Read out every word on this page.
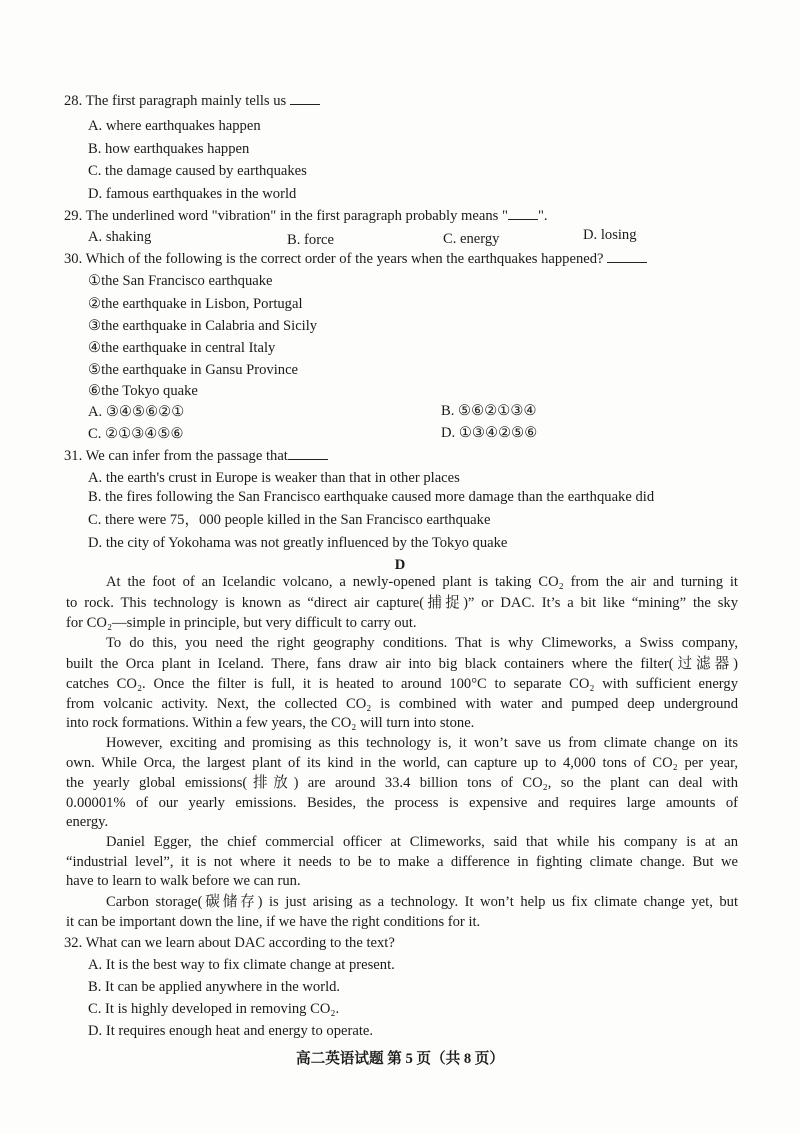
28. The first paragraph mainly tells us
A. where earthquakes happen
B. how earthquakes happen
C. the damage caused by earthquakes
D. famous earthquakes in the world
29. The underlined word "vibration" in the first paragraph probably means " ".
A. shaking	B. force	C. energy	D. losing
30. Which of the following is the correct order of the years when the earthquakes happened?
①the San Francisco earthquake
②the earthquake in Lisbon, Portugal
③the earthquake in Calabria and Sicily
④the earthquake in central Italy
⑤the earthquake in Gansu Province
⑥the Tokyo quake
A. ③④⑤⑥②①	B. ⑤⑥②①③④
C. ②①③④⑤⑥	D. ①③④②⑤⑥
31. We can infer from the passage that
A. the earth's crust in Europe is weaker than that in other places
B. the fires following the San Francisco earthquake caused more damage than the earthquake did
C. there were 75，000 people killed in the San Francisco earthquake
D. the city of Yokohama was not greatly influenced by the Tokyo quake
D
At the foot of an Icelandic volcano, a newly-opened plant is taking CO₂ from the air and turning it
to rock. This technology is known as “direct air capture(捕捉)” or DAC. It’s a bit like “mining” the sky
for CO₂—simple in principle, but very difficult to carry out.
To do this, you need the right geography conditions. That is why Climeworks, a Swiss company,
built the Orca plant in Iceland. There, fans draw air into big black containers where the filter(过滤器)
catches CO₂. Once the filter is full, it is heated to around 100°C to separate CO₂ with sufficient energy
from volcanic activity. Next, the collected CO₂ is combined with water and pumped deep underground
into rock formations. Within a few years, the CO₂ will turn into stone.
However, exciting and promising as this technology is, it won’t save us from climate change on its
own. While Orca, the largest plant of its kind in the world, can capture up to 4,000 tons of CO₂ per year,
the yearly global emissions(排放) are around 33.4 billion tons of CO₂, so the plant can deal with
0.00001% of our yearly emissions. Besides, the process is expensive and requires large amounts of
energy.
Daniel Egger, the chief commercial officer at Climeworks, said that while his company is at an
“industrial level”, it is not where it needs to be to make a difference in fighting climate change. But we
have to learn to walk before we can run.
Carbon storage(碳储存) is just arising as a technology. It won’t help us fix climate change yet, but
it can be important down the line, if we have the right conditions for it.
32. What can we learn about DAC according to the text?
A. It is the best way to fix climate change at present.
B. It can be applied anywhere in the world.
C. It is highly developed in removing CO₂.
D. It requires enough heat and energy to operate.
高二英语试题 第 5 页（共 8 页）
